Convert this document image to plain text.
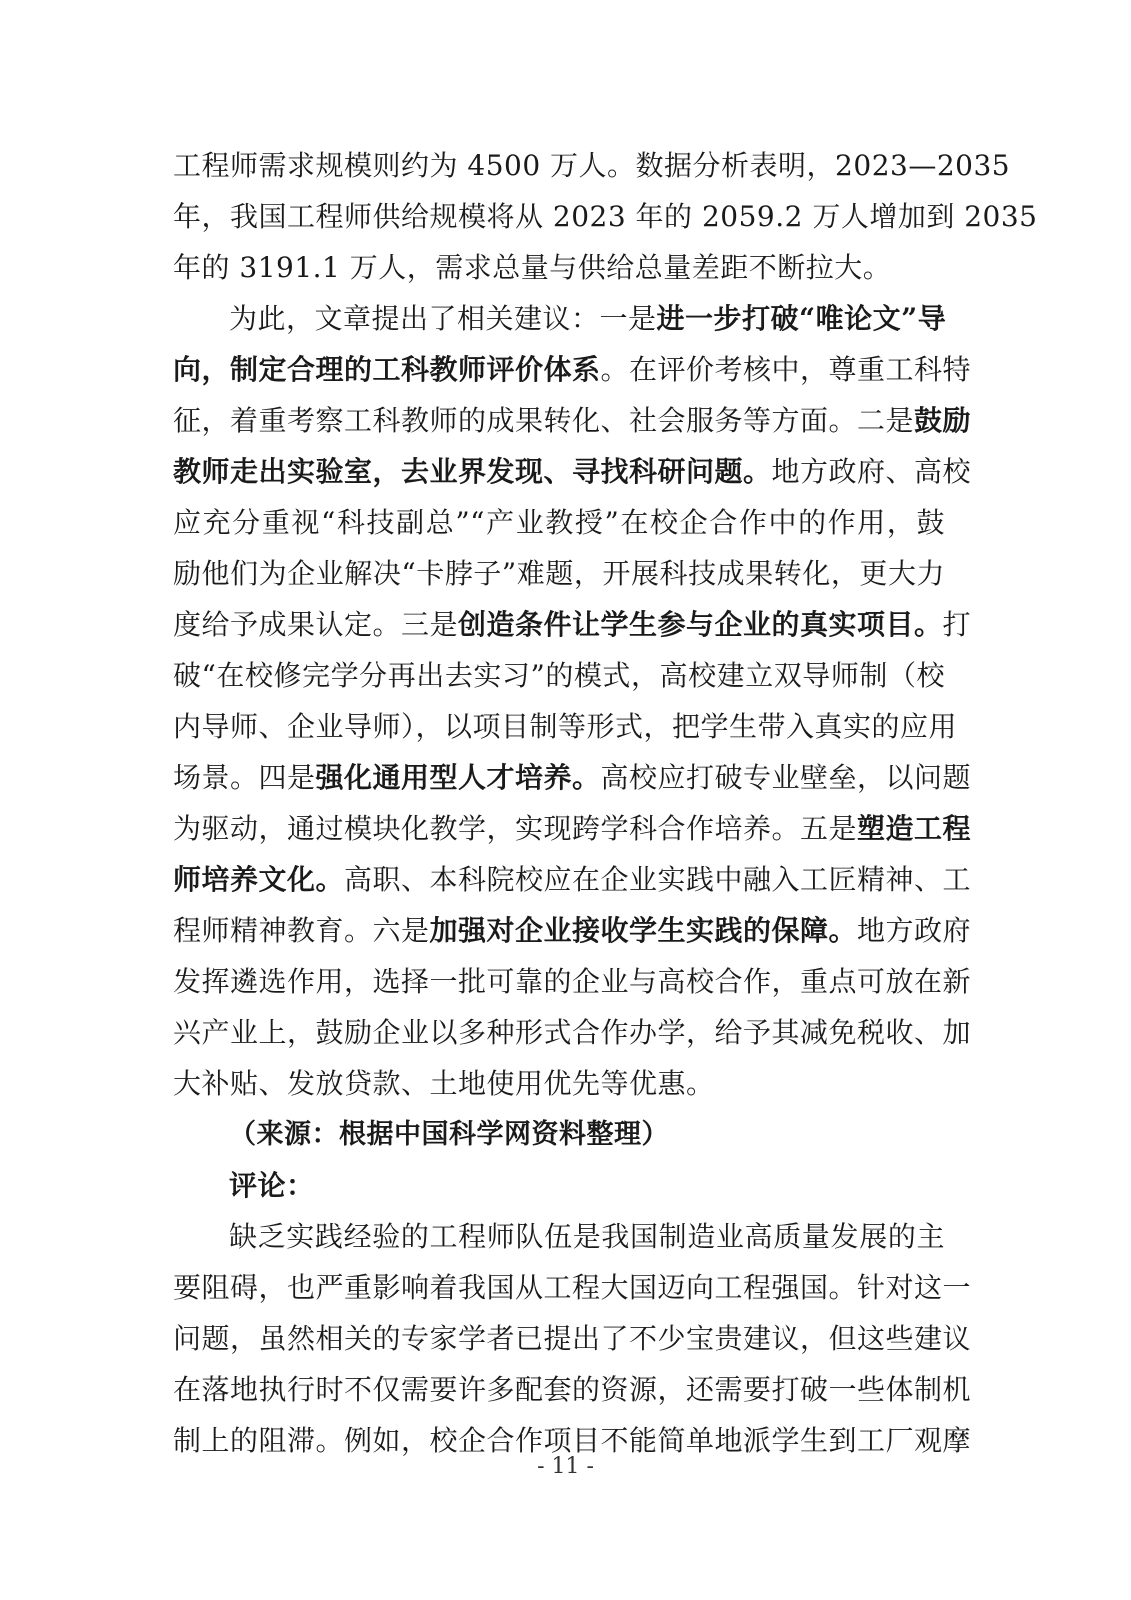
工程师需求规模则约为 4500 万人。数据分析表明，2023—2035
年，我国工程师供给规模将从 2023 年的 2059.2 万人增加到 2035
年的 3191.1 万人，需求总量与供给总量差距不断拉大。
为此，文章提出了相关建议：一是进一步打破“唯论文”导
向，制定合理的工科教师评价体系。在评价考核中，尊重工科特
征，着重考察工科教师的成果转化、社会服务等方面。二是鼓励
教师走出实验室，去业界发现、寻找科研问题。地方政府、高校
应充分重视“科技副总”“产业教授”在校企合作中的作用，鼓
励他们为企业解决“卡脖子”难题，开展科技成果转化，更大力
度给予成果认定。三是创造条件让学生参与企业的真实项目。打
破“在校修完学分再出去实习”的模式，高校建立双导师制（校
内导师、企业导师），以项目制等形式，把学生带入真实的应用
场景。四是强化通用型人才培养。高校应打破专业壁垒，以问题
为驱动，通过模块化教学，实现跨学科合作培养。五是塑造工程
师培养文化。高职、本科院校应在企业实践中融入工匠精神、工
程师精神教育。六是加强对企业接收学生实践的保障。地方政府
发挥遴选作用，选择一批可靠的企业与高校合作，重点可放在新
兴产业上，鼓励企业以多种形式合作办学，给予其减免税收、加
大补贴、发放贷款、土地使用优先等优惠。
（来源：根据中国科学网资料整理）
评论：
缺乏实践经验的工程师队伍是我国制造业高质量发展的主
要阻碍，也严重影响着我国从工程大国迈向工程强国。针对这一
问题，虽然相关的专家学者已提出了不少宝贵建议，但这些建议
在落地执行时不仅需要许多配套的资源，还需要打破一些体制机
制上的阻滞。例如，校企合作项目不能简单地派学生到工厂观摩
- 11 -
